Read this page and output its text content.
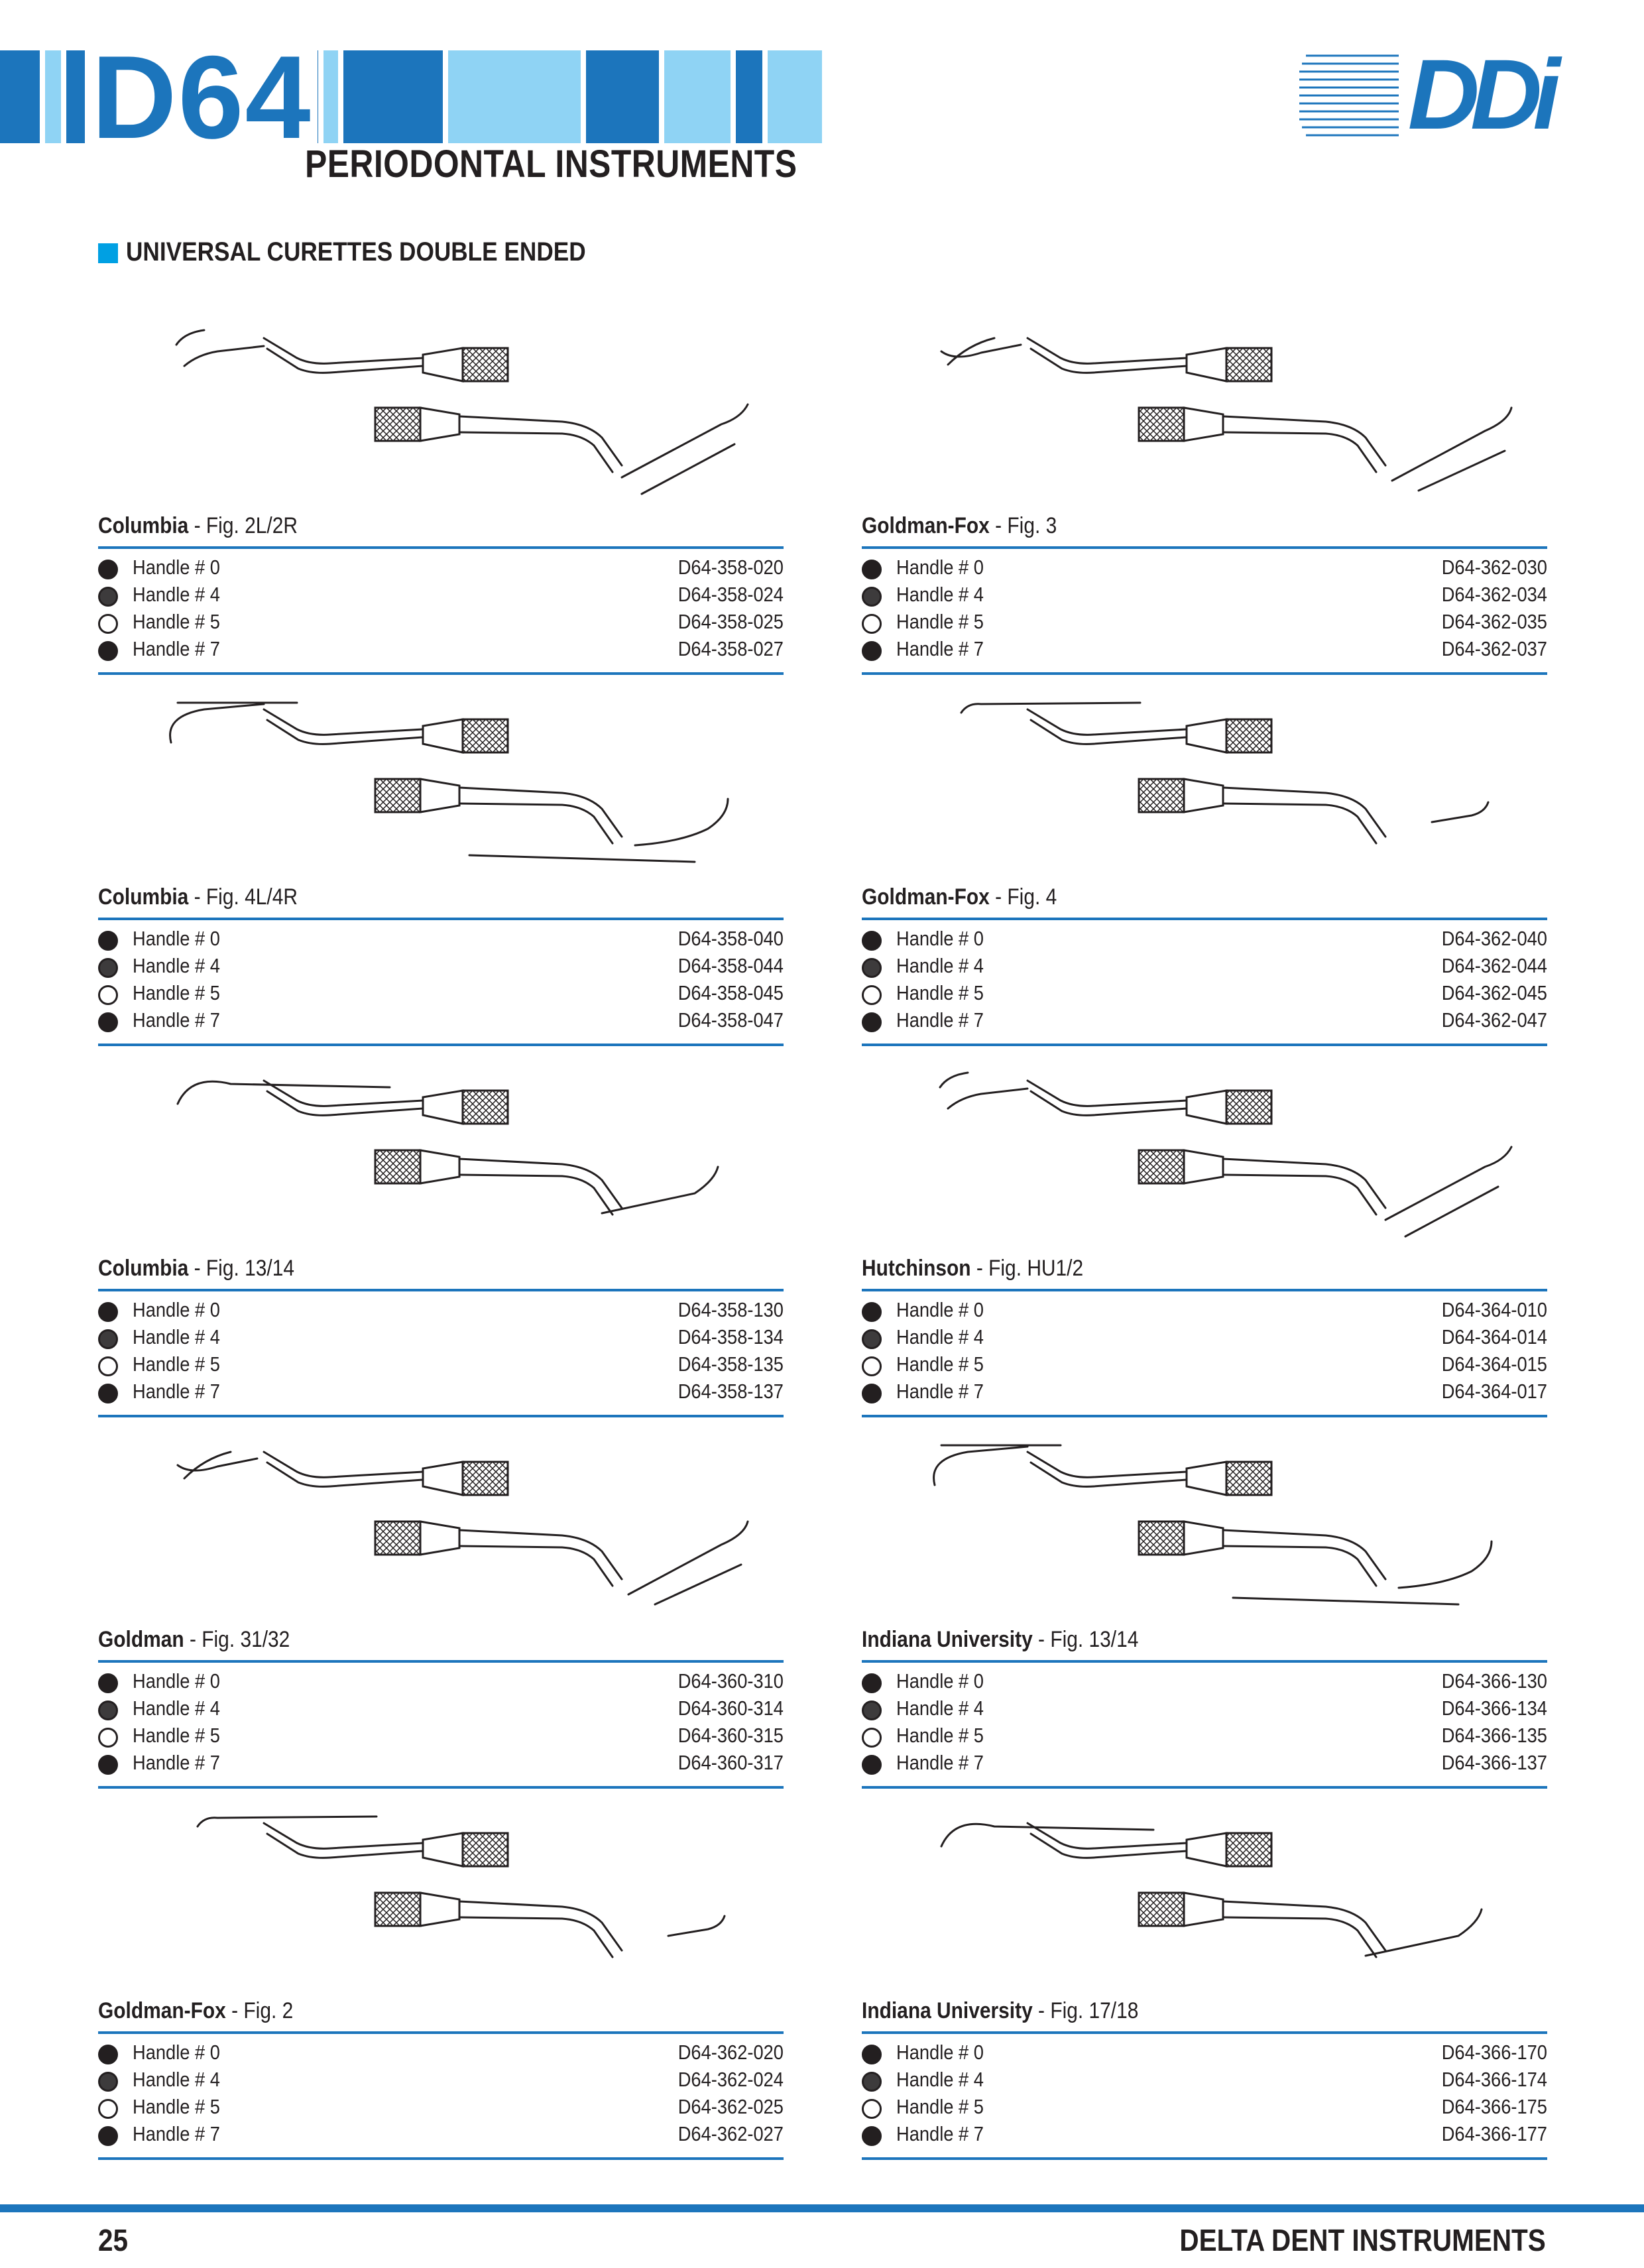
D64
PERIODONTAL INSTRUMENTS
DDi
UNIVERSAL CURETTES DOUBLE ENDED
Columbia - Fig. 2L/2R
Handle # 0	D64-358-020
Handle # 4	D64-358-024
Handle # 5	D64-358-025
Handle # 7	D64-358-027
Goldman-Fox - Fig. 3
Handle # 0	D64-362-030
Handle # 4	D64-362-034
Handle # 5	D64-362-035
Handle # 7	D64-362-037
Columbia - Fig. 4L/4R
Handle # 0	D64-358-040
Handle # 4	D64-358-044
Handle # 5	D64-358-045
Handle # 7	D64-358-047
Goldman-Fox - Fig. 4
Handle # 0	D64-362-040
Handle # 4	D64-362-044
Handle # 5	D64-362-045
Handle # 7	D64-362-047
Columbia - Fig. 13/14
Handle # 0	D64-358-130
Handle # 4	D64-358-134
Handle # 5	D64-358-135
Handle # 7	D64-358-137
Hutchinson - Fig. HU1/2
Handle # 0	D64-364-010
Handle # 4	D64-364-014
Handle # 5	D64-364-015
Handle # 7	D64-364-017
Goldman - Fig. 31/32
Handle # 0	D64-360-310
Handle # 4	D64-360-314
Handle # 5	D64-360-315
Handle # 7	D64-360-317
Indiana University - Fig. 13/14
Handle # 0	D64-366-130
Handle # 4	D64-366-134
Handle # 5	D64-366-135
Handle # 7	D64-366-137
Goldman-Fox - Fig. 2
Handle # 0	D64-362-020
Handle # 4	D64-362-024
Handle # 5	D64-362-025
Handle # 7	D64-362-027
Indiana University - Fig. 17/18
Handle # 0	D64-366-170
Handle # 4	D64-366-174
Handle # 5	D64-366-175
Handle # 7	D64-366-177
25	DELTA DENT INSTRUMENTS
